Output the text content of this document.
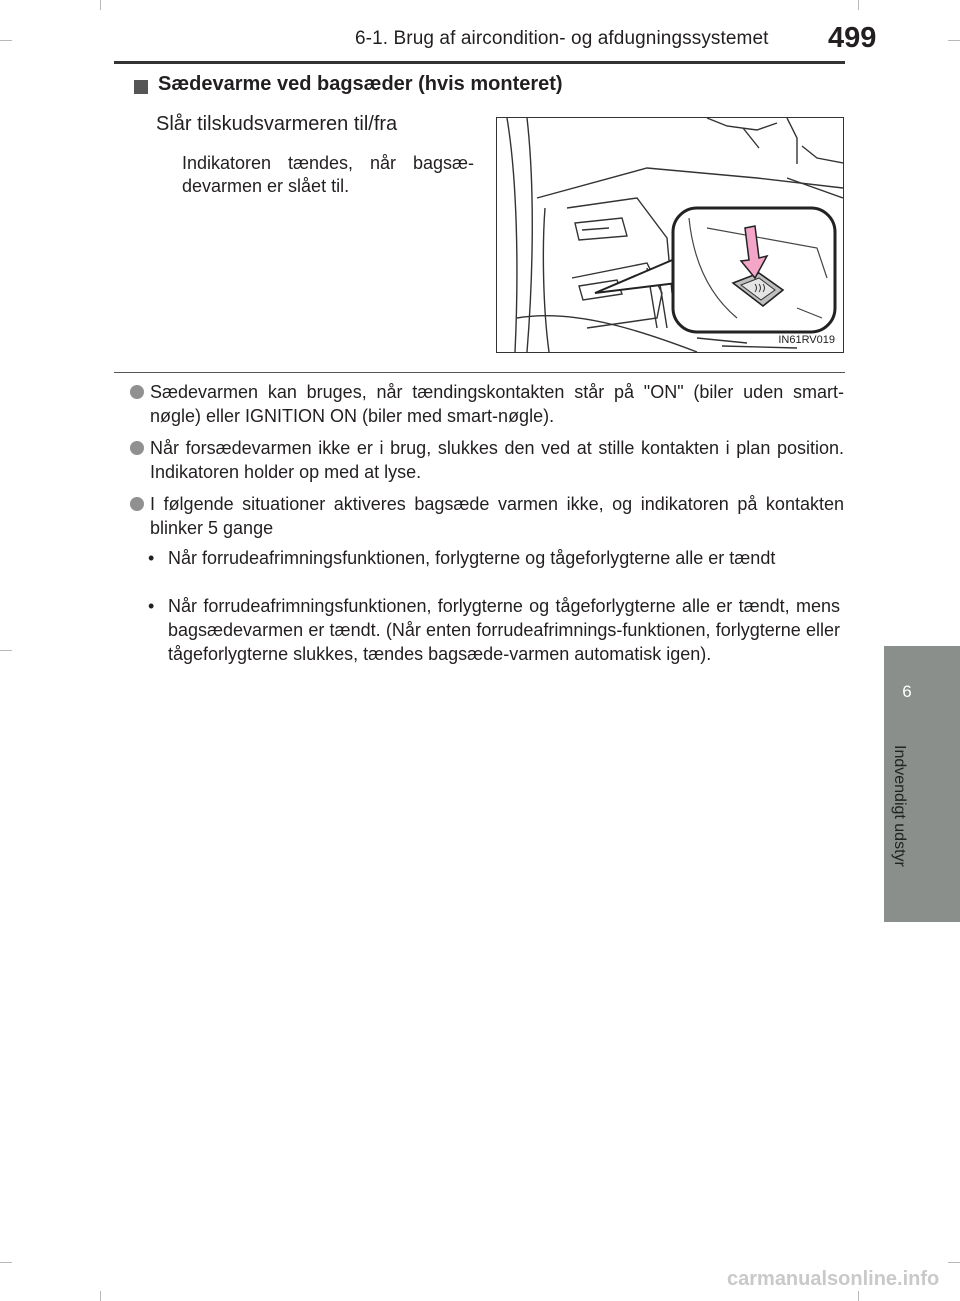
6-1. Brug af aircondition- og afdugningssystemet 499
6
Indvendigt udstyr
Sædevarme ved bagsæder (hvis monteret)
Slår tilskudsvarmeren til/fra
Indikatoren tændes, når bagsæ-devarmen er slået til.
IN61RV019
Sædevarmen kan bruges, når tændingskontakten står på "ON" (biler uden smart-nøgle) eller IGNITION ON (biler med smart-nøgle).
Når forsædevarmen ikke er i brug, slukkes den ved at stille kontakten i plan position. Indikatoren holder op med at lyse.
I følgende situationer aktiveres bagsæde varmen ikke, og indikatoren på kontakten blinker 5 gange
• Når forrudeafrimningsfunktionen, forlygterne og tågeforlygterne alle er tændt
• Når forrudeafrimningsfunktionen, forlygterne og tågeforlygterne alle er tændt, mens bagsædevarmen er tændt. (Når enten forrudeafrimnings-funktionen, forlygterne eller tågeforlygterne slukkes, tændes bagsæde-varmen automatisk igen).
carmanualsonline.info
